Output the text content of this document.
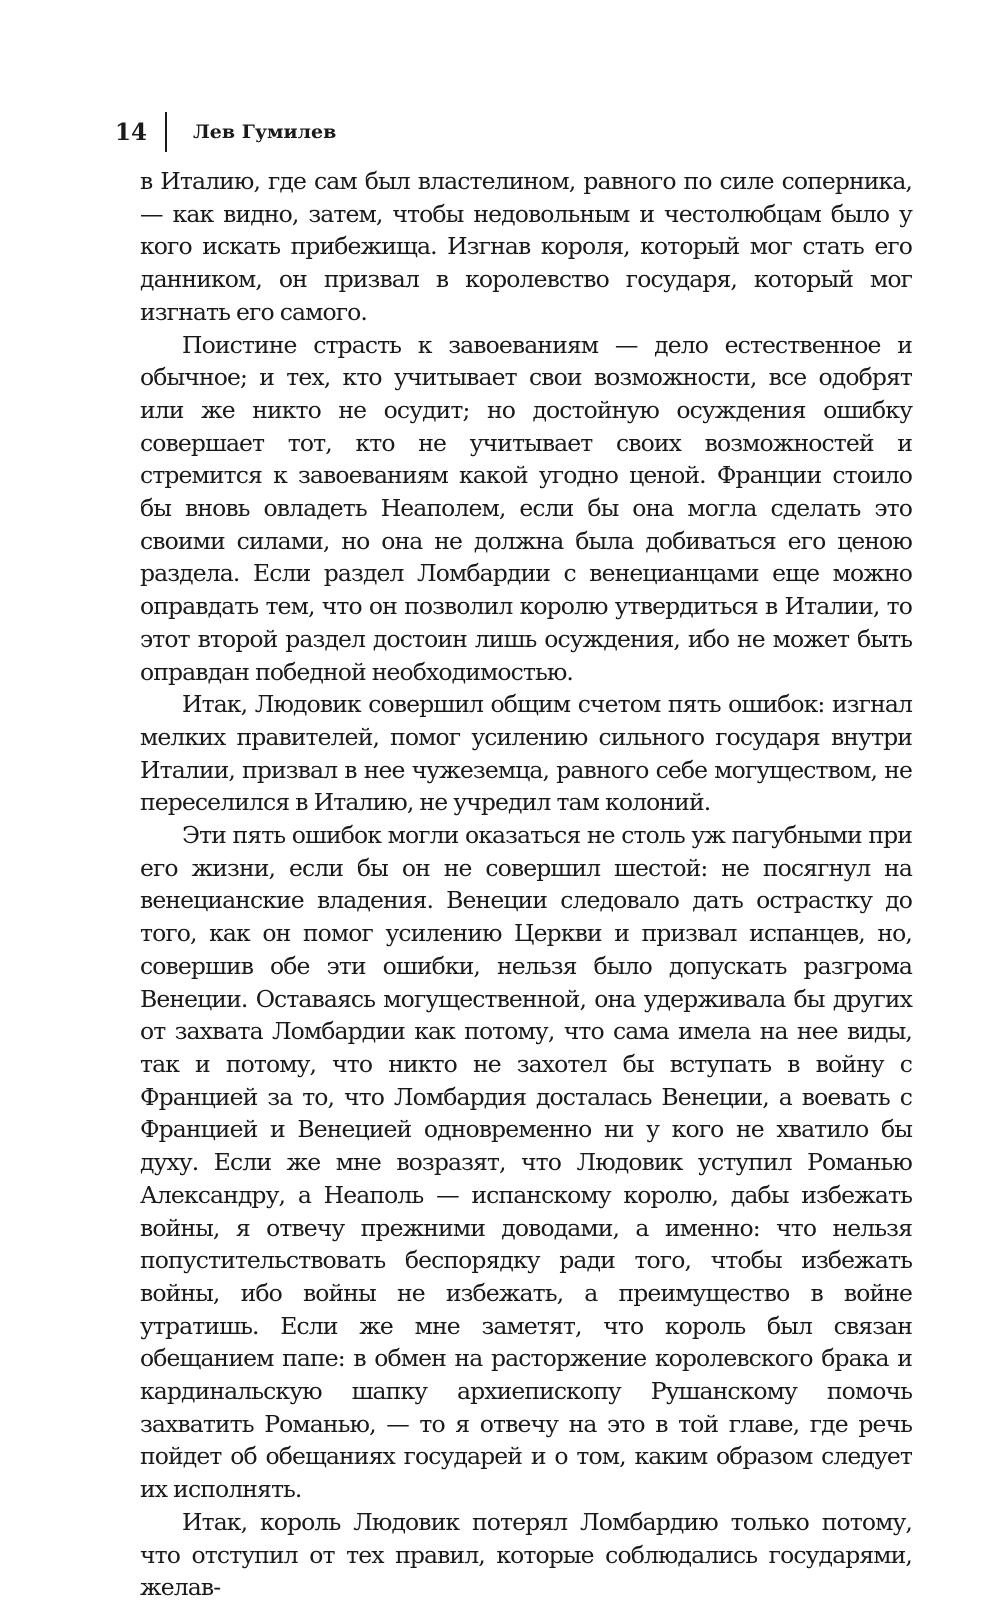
14 Лев Гумилев

в Италию, где сам был властелином, равного по силе соперника, — как видно, затем, чтобы недовольным и честолюбцам было у кого искать прибежища. Изгнав короля, который мог стать его данником, он призвал в королевство государя, который мог изгнать его самого.

Поистине страсть к завоеваниям — дело естественное и обычное; и тех, кто учитывает свои возможности, все одобрят или же никто не осудит; но достойную осуждения ошибку совершает тот, кто не учитывает своих возможностей и стремится к завоеваниям какой угодно ценой. Франции стоило бы вновь овладеть Неаполем, если бы она могла сделать это своими силами, но она не должна была добиваться его ценою раздела. Если раздел Ломбардии с венецианцами еще можно оправдать тем, что он позволил королю утвердиться в Италии, то этот второй раздел достоин лишь осуждения, ибо не может быть оправдан победной необходимостью.

Итак, Людовик совершил общим счетом пять ошибок: изгнал мелких правителей, помог усилению сильного государя внутри Италии, призвал в нее чужеземца, равного себе могуществом, не переселился в Италию, не учредил там колоний.

Эти пять ошибок могли оказаться не столь уж пагубными при его жизни, если бы он не совершил шестой: не посягнул на венецианские владения. Венеции следовало дать острастку до того, как он помог усилению Церкви и призвал испанцев, но, совершив обе эти ошибки, нельзя было допускать разгрома Венеции. Оставаясь могущественной, она удерживала бы других от захвата Ломбардии как потому, что сама имела на нее виды, так и потому, что никто не захотел бы вступать в войну с Францией за то, что Ломбардия досталась Венеции, а воевать с Францией и Венецией одновременно ни у кого не хватило бы духу. Если же мне возразят, что Людовик уступил Романью Александру, а Неаполь — испанскому королю, дабы избежать войны, я отвечу прежними доводами, а именно: что нельзя попустительствовать беспорядку ради того, чтобы избежать войны, ибо войны не избежать, а преимущество в войне утратишь. Если же мне заметят, что король был связан обещанием папе: в обмен на расторжение королевского брака и кардинальскую шапку архиепископу Рушанскому помочь захватить Романью, — то я отвечу на это в той главе, где речь пойдет об обещаниях государей и о том, каким образом следует их исполнять.

Итак, король Людовик потерял Ломбардию только потому, что отступил от тех правил, которые соблюдались государями, желав-
